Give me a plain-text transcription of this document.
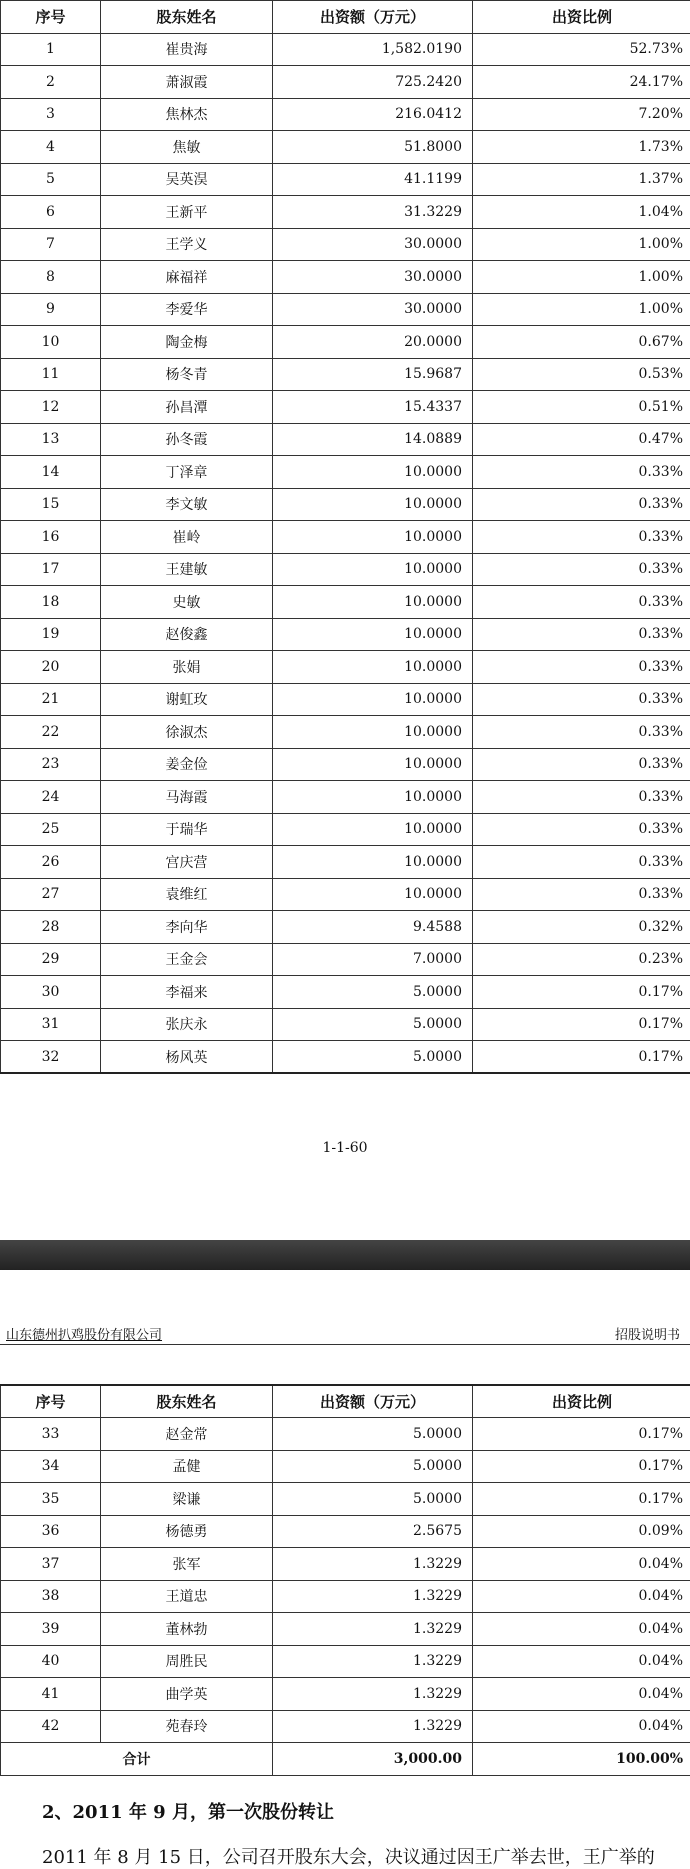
序号	股东姓名	出资额（万元）	出资比例
1	崔贵海	1,582.0190	52.73%
2	萧淑霞	725.2420	24.17%
3	焦林杰	216.0412	7.20%
4	焦敏	51.8000	1.73%
5	吴英淏	41.1199	1.37%
6	王新平	31.3229	1.04%
7	王学义	30.0000	1.00%
8	麻福祥	30.0000	1.00%
9	李爱华	30.0000	1.00%
10	陶金梅	20.0000	0.67%
11	杨冬青	15.9687	0.53%
12	孙昌潭	15.4337	0.51%
13	孙冬霞	14.0889	0.47%
14	丁泽章	10.0000	0.33%
15	李文敏	10.0000	0.33%
16	崔岭	10.0000	0.33%
17	王建敏	10.0000	0.33%
18	史敏	10.0000	0.33%
19	赵俊鑫	10.0000	0.33%
20	张娟	10.0000	0.33%
21	谢虹玫	10.0000	0.33%
22	徐淑杰	10.0000	0.33%
23	姜金俭	10.0000	0.33%
24	马海霞	10.0000	0.33%
25	于瑞华	10.0000	0.33%
26	宫庆营	10.0000	0.33%
27	袁维红	10.0000	0.33%
28	李向华	9.4588	0.32%
29	王金会	7.0000	0.23%
30	李福来	5.0000	0.17%
31	张庆永	5.0000	0.17%
32	杨风英	5.0000	0.17%
1-1-60
山东德州扒鸡股份有限公司	招股说明书
序号	股东姓名	出资额（万元）	出资比例
33	赵金常	5.0000	0.17%
34	孟健	5.0000	0.17%
35	梁谦	5.0000	0.17%
36	杨德勇	2.5675	0.09%
37	张军	1.3229	0.04%
38	王道忠	1.3229	0.04%
39	董林勃	1.3229	0.04%
40	周胜民	1.3229	0.04%
41	曲学英	1.3229	0.04%
42	苑春玲	1.3229	0.04%
合计		3,000.00	100.00%
2、2011 年 9 月，第一次股份转让
2011 年 8 月 15 日，公司召开股东大会，决议通过因王广举去世，王广举的
